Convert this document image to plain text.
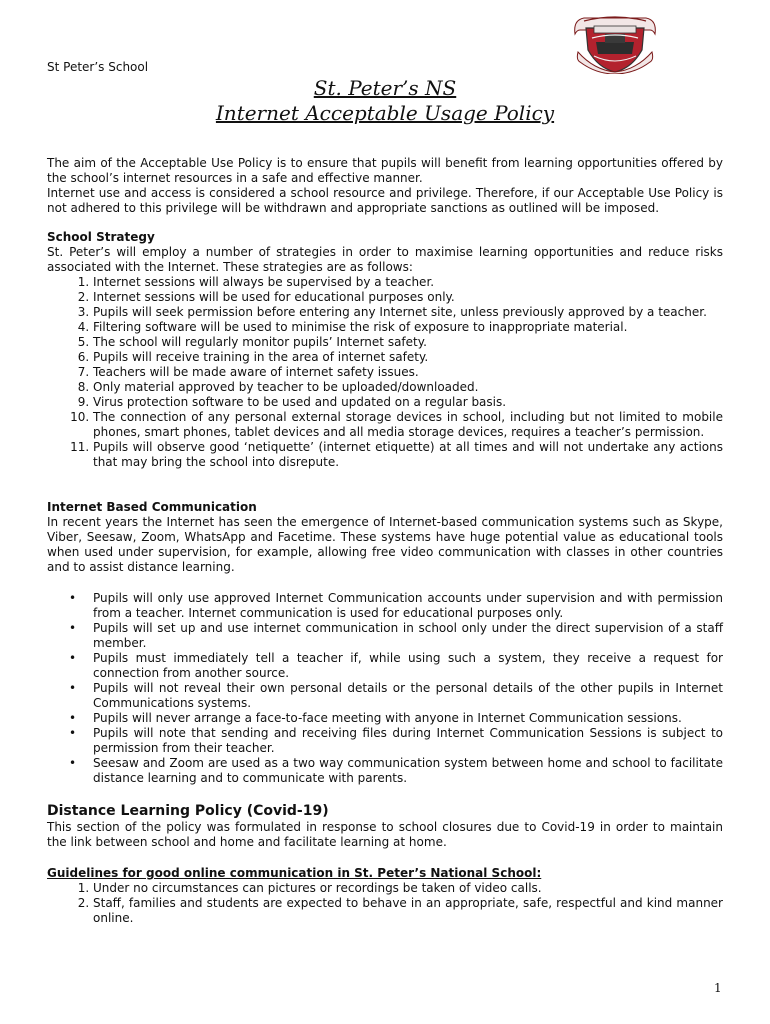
St Peter’s School
St. Peter’s NS
Internet Acceptable Usage Policy

The aim of the Acceptable Use Policy is to ensure that pupils will benefit from learning opportunities offered by the school’s internet resources in a safe and effective manner.

Internet use and access is considered a school resource and privilege. Therefore, if our Acceptable Use Policy is not adhered to this privilege will be withdrawn and appropriate sanctions as outlined will be imposed.

School Strategy

St. Peter’s will employ a number of strategies in order to maximise learning opportunities and reduce risks associated with the Internet. These strategies are as follows:

1. Internet sessions will always be supervised by a teacher.
2. Internet sessions will be used for educational purposes only.
3. Pupils will seek permission before entering any Internet site, unless previously approved by a teacher.
4. Filtering software will be used to minimise the risk of exposure to inappropriate material.
5. The school will regularly monitor pupils’ Internet safety.
6. Pupils will receive training in the area of internet safety.
7. Teachers will be made aware of internet safety issues.
8. Only material approved by teacher to be uploaded/downloaded.
9. Virus protection software to be used and updated on a regular basis.
10. The connection of any personal external storage devices in school, including but not limited to mobile phones, smart phones, tablet devices and all media storage devices, requires a teacher’s permission.
11. Pupils will observe good ‘netiquette’ (internet etiquette) at all times and will not undertake any actions that may bring the school into disrepute.
Internet Based Communication

In recent years the Internet has seen the emergence of Internet-based communication systems such as Skype, Viber, Seesaw, Zoom, WhatsApp and Facetime. These systems have huge potential value as educational tools when used under supervision, for example, allowing free video communication with classes in other countries and to assist distance learning.

• Pupils will only use approved Internet Communication accounts under supervision and with permission from a teacher. Internet communication is used for educational purposes only.
• Pupils will set up and use internet communication in school only under the direct supervision of a staff member.
• Pupils must immediately tell a teacher if, while using such a system, they receive a request for connection from another source.
• Pupils will not reveal their own personal details or the personal details of the other pupils in Internet Communications systems.
• Pupils will never arrange a face-to-face meeting with anyone in Internet Communication sessions.
• Pupils will note that sending and receiving files during Internet Communication Sessions is subject to permission from their teacher.
• Seesaw and Zoom are used as a two way communication system between home and school to facilitate distance learning and to communicate with parents.
Distance Learning Policy (Covid-19)

This section of the policy was formulated in response to school closures due to Covid-19 in order to maintain the link between school and home and facilitate learning at home.

Guidelines for good online communication in St. Peter’s National School:
1. Under no circumstances can pictures or recordings be taken of video calls.
2. Staff, families and students are expected to behave in an appropriate, safe, respectful and kind manner online.
1
